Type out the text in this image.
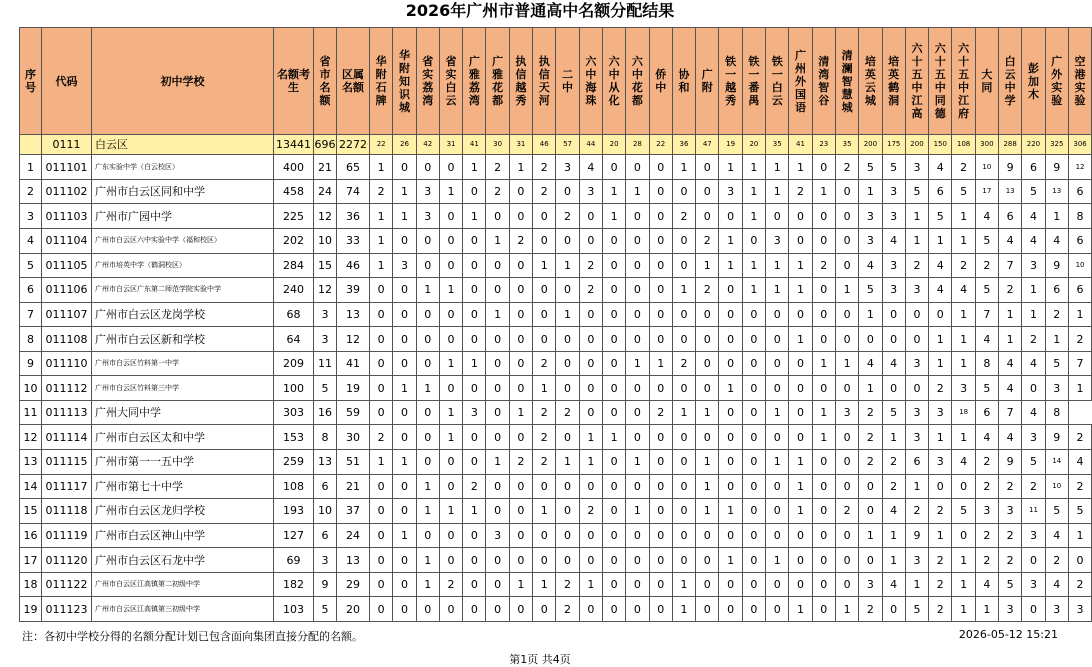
2026年广州市普通高中名额分配结果
序号	代码	初中学校	名额考生	省市名额	区属名额	华附石牌	华附知识城	省实荔湾	省实白云	广雅荔湾	广雅花都	执信越秀	执信天河	二中	六中海珠	六中从化	六中花都	侨中	协和	广附	铁一越秀	铁一番禺	铁一白云	广州外国语	清湾智谷	清澜智慧城	培英云城	培英鹤洞	六十五中江高	六十五中同德	六十五中江府	大同	白云中学	彭加木	广外实验	空港实验
	0111	白云区	13441	696	2272	22	26	42	31	41	30	31	46	57	44	20	28	22	36	47	19	20	35	41	23	35	200	175	200	150	108	300	288	220	325	306
1	011101	广东实验中学（白云校区）	400	21	65	1	0	0	0	1	2	1	2	3	4	0	0	0	1	0	1	1	1	1	0	2	5	5	3	4	2	10	9	6	9	12
2	011102	广州市白云区同和中学	458	24	74	2	1	3	1	0	2	0	2	0	3	1	1	0	0	0	3	1	1	2	1	0	1	3	5	6	5	17	13	5	13	6
3	011103	广州市广园中学	225	12	36	1	1	3	0	1	0	0	0	2	0	1	0	0	2	0	0	1	0	0	0	0	3	3	1	5	1	4	6	4	1	8
4	011104	广州市白云区六中实验中学（福和校区）	202	10	33	1	0	0	0	0	1	2	0	0	0	0	0	0	0	2	1	0	3	0	0	0	3	4	1	1	1	5	4	4	4	6
5	011105	广州市培英中学（鹤洞校区）	284	15	46	1	3	0	0	0	0	0	1	1	2	0	0	0	0	1	1	1	1	1	2	0	4	3	2	4	2	2	7	3	9	10
6	011106	广州市白云区广东第二师范学院实验中学	240	12	39	0	0	1	1	0	0	0	0	0	2	0	0	0	1	2	0	1	1	1	0	1	5	3	3	4	4	5	2	1	6	6
7	011107	广州市白云区龙岗学校	68	3	13	0	0	0	0	0	1	0	0	1	0	0	0	0	0	0	0	0	0	0	0	0	1	0	0	0	1	7	1	1	2	1
8	011108	广州市白云区新和学校	64	3	12	0	0	0	0	0	0	0	0	0	0	0	0	0	0	0	0	0	0	1	0	0	0	0	0	1	1	4	1	2	1	2
9	011110	广州市白云区竹料第一中学	209	11	41	0	0	0	1	1	0	0	2	0	0	0	1	1	2	0	0	0	0	0	1	1	4	4	3	1	1	8	4	4	5	7
10	011112	广州市白云区竹料第三中学	100	5	19	0	1	1	0	0	0	0	1	0	0	0	0	0	0	0	1	0	0	0	0	0	1	0	0	2	3	5	4	0	3	1
11	011113	广州大同中学	303	16	59	0	0	0	1	3	0	1	2	2	0	0	0	2	1	1	0	0	1	0	1	3	2	5	3	3	18	6	7	4	8	
12	011114	广州市白云区太和中学	153	8	30	2	0	0	1	0	0	0	2	0	1	1	0	0	0	0	0	0	0	0	1	0	2	1	3	1	1	4	4	3	9	2
13	011115	广州市第一一五中学	259	13	51	1	1	0	0	0	1	2	2	1	1	0	1	0	0	1	0	0	1	1	0	0	2	2	6	3	4	2	9	5	14	4
14	011117	广州市第七十中学	108	6	21	0	0	1	0	2	0	0	0	0	0	0	0	0	0	1	0	0	0	1	0	0	0	2	1	0	0	2	2	2	10	2
15	011118	广州市白云区龙归学校	193	10	37	0	0	1	1	1	0	0	1	0	2	0	1	0	0	1	1	0	0	1	0	2	0	4	2	2	5	3	3	11	5	5
16	011119	广州市白云区神山中学	127	6	24	0	1	0	0	0	3	0	0	0	0	0	0	0	0	0	0	0	0	0	0	0	1	1	9	1	0	2	2	3	4	1
17	011120	广州市白云区石龙中学	69	3	13	0	0	1	0	0	0	0	0	0	0	0	0	0	0	0	1	0	1	0	0	0	0	1	3	2	1	2	2	0	2	0
18	011122	广州市白云区江高镇第二初级中学	182	9	29	0	0	1	2	0	0	1	1	2	1	0	0	0	1	0	0	0	0	0	0	0	3	4	1	2	1	4	5	3	4	2
19	011123	广州市白云区江高镇第三初级中学	103	5	20	0	0	0	0	0	0	0	0	2	0	0	0	0	1	0	0	0	0	1	0	1	2	0	5	2	1	1	3	0	3	3
注：各初中学校分得的名额分配计划已包含面向集团直接分配的名额。	2026-05-12 15:21
第1页 共4页
